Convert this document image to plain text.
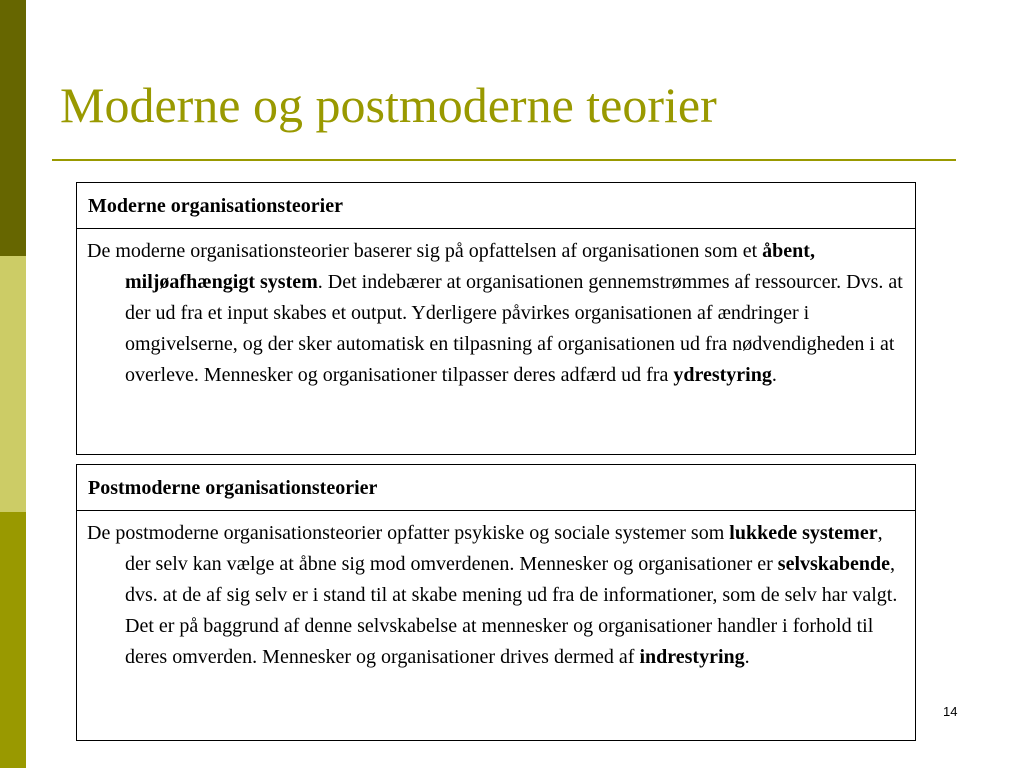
Moderne og postmoderne teorier
Moderne organisationsteorier
De moderne organisationsteorier baserer sig på opfattelsen af organisationen som et åbent, miljøafhængigt system. Det indebærer at organisationen gennemstrømmes af ressourcer. Dvs. at der ud fra et input skabes et output. Yderligere påvirkes organisationen af ændringer i omgivelserne, og der sker automatisk en tilpasning af organisationen ud fra nødvendigheden i at overleve. Mennesker og organisationer tilpasser deres adfærd ud fra ydrestyring.
Postmoderne organisationsteorier
De postmoderne organisationsteorier opfatter psykiske og sociale systemer som lukkede systemer, der selv kan vælge at åbne sig mod omverdenen. Mennesker og organisationer er selvskabende, dvs. at de af sig selv er i stand til at skabe mening ud fra de informationer, som de selv har valgt. Det er på baggrund af denne selvskabelse at mennesker og organisationer handler i forhold til deres omverden. Mennesker og organisationer drives dermed af indrestyring.
14
